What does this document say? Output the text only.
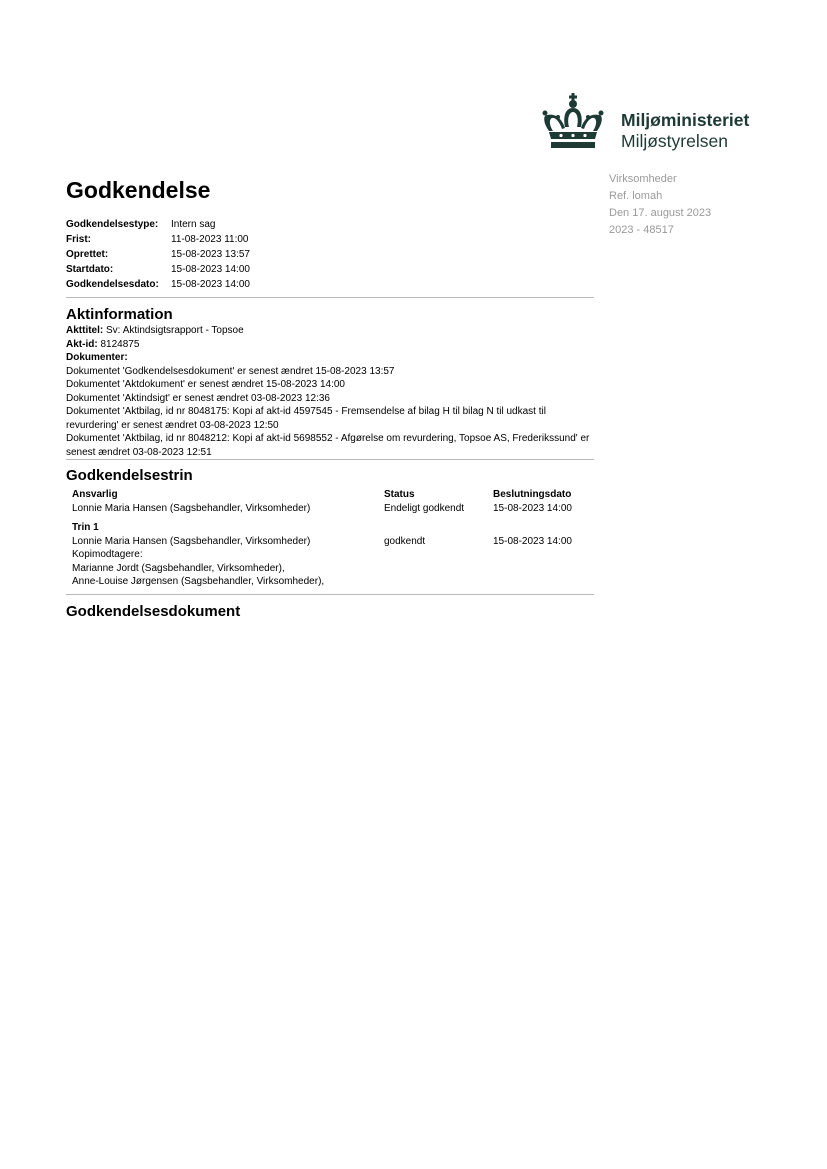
Miljøministeriet
Miljøstyrelsen
Virksomheder
Ref. lomah
Den 17. august 2023
2023 - 48517
Godkendelse
Godkendelsestype:	Intern sag
Frist:	11-08-2023 11:00
Oprettet:	15-08-2023 13:57
Startdato:	15-08-2023 14:00
Godkendelsesdato:	15-08-2023 14:00
Aktinformation
Akttitel: Sv: Aktindsigtsrapport - Topsoe
Akt-id: 8124875
Dokumenter:
Dokumentet 'Godkendelsesdokument' er senest ændret 15-08-2023 13:57
Dokumentet 'Aktdokument' er senest ændret 15-08-2023 14:00
Dokumentet 'Aktindsigt' er senest ændret 03-08-2023 12:36
Dokumentet 'Aktbilag, id nr 8048175: Kopi af akt-id 4597545 - Fremsendelse af bilag H til bilag N til udkast til revurdering' er senest ændret 03-08-2023 12:50
Dokumentet 'Aktbilag, id nr 8048212: Kopi af akt-id 5698552 - Afgørelse om revurdering, Topsoe AS, Frederikssund' er senest ændret 03-08-2023 12:51
Godkendelsestrin
Ansvarlig	Status	Beslutningsdato
Lonnie Maria Hansen (Sagsbehandler, Virksomheder)	Endeligt godkendt	15-08-2023 14:00
Trin 1
Lonnie Maria Hansen (Sagsbehandler, Virksomheder)	godkendt	15-08-2023 14:00
Kopimodtagere:
Marianne Jordt (Sagsbehandler, Virksomheder),
Anne-Louise Jørgensen (Sagsbehandler, Virksomheder),
Godkendelsesdokument
